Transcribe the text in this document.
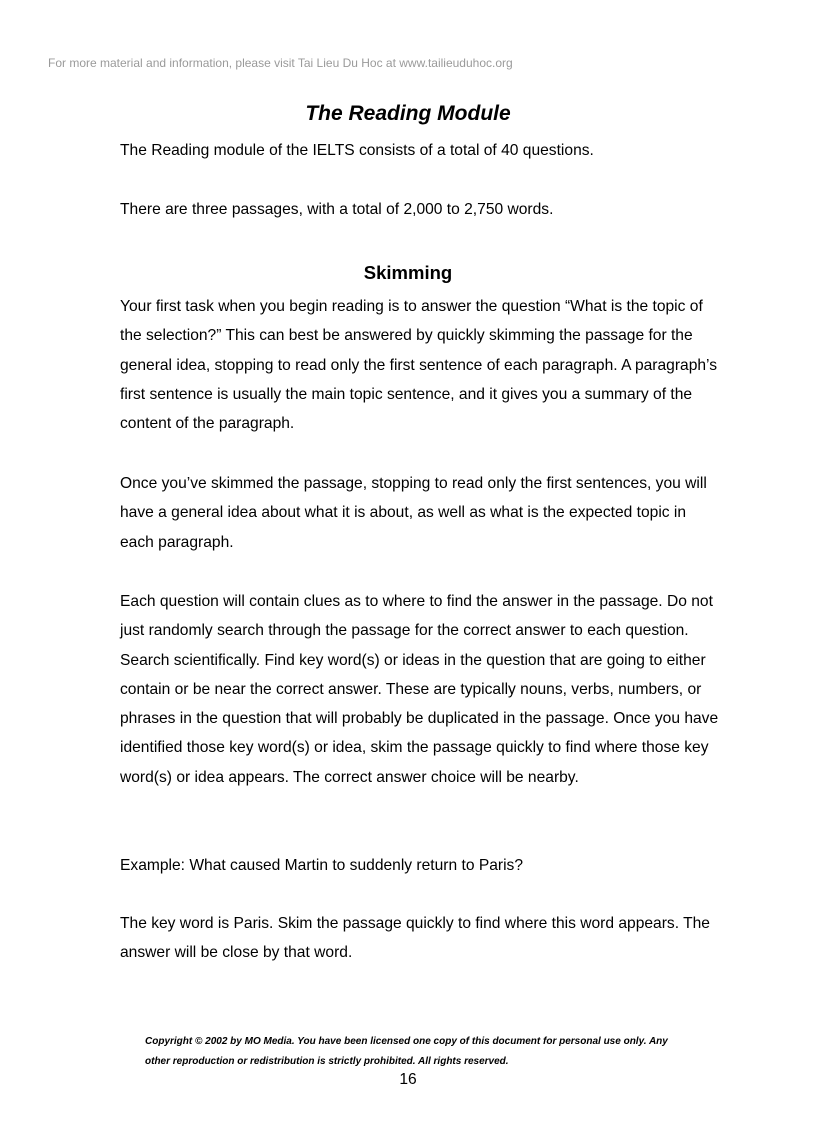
For more material and information, please visit Tai Lieu Du Hoc at www.tailieuduhoc.org
The Reading Module

The Reading module of the IELTS consists of a total of 40 questions.

There are three passages, with a total of 2,000 to 2,750 words.

Skimming

Your first task when you begin reading is to answer the question “What is the topic of the selection?” This can best be answered by quickly skimming the passage for the general idea, stopping to read only the first sentence of each paragraph. A paragraph’s first sentence is usually the main topic sentence, and it gives you a summary of the content of the paragraph.

Once you’ve skimmed the passage, stopping to read only the first sentences, you will have a general idea about what it is about, as well as what is the expected topic in each paragraph.

Each question will contain clues as to where to find the answer in the passage. Do not just randomly search through the passage for the correct answer to each question. Search scientifically. Find key word(s) or ideas in the question that are going to either contain or be near the correct answer. These are typically nouns, verbs, numbers, or phrases in the question that will probably be duplicated in the passage. Once you have identified those key word(s) or idea, skim the passage quickly to find where those key word(s) or idea appears. The correct answer choice will be nearby.

Example: What caused Martin to suddenly return to Paris?

The key word is Paris. Skim the passage quickly to find where this word appears. The answer will be close by that word.

Copyright © 2002 by MO Media. You have been licensed one copy of this document for personal use only. Any
other reproduction or redistribution is strictly prohibited. All rights reserved.
16
